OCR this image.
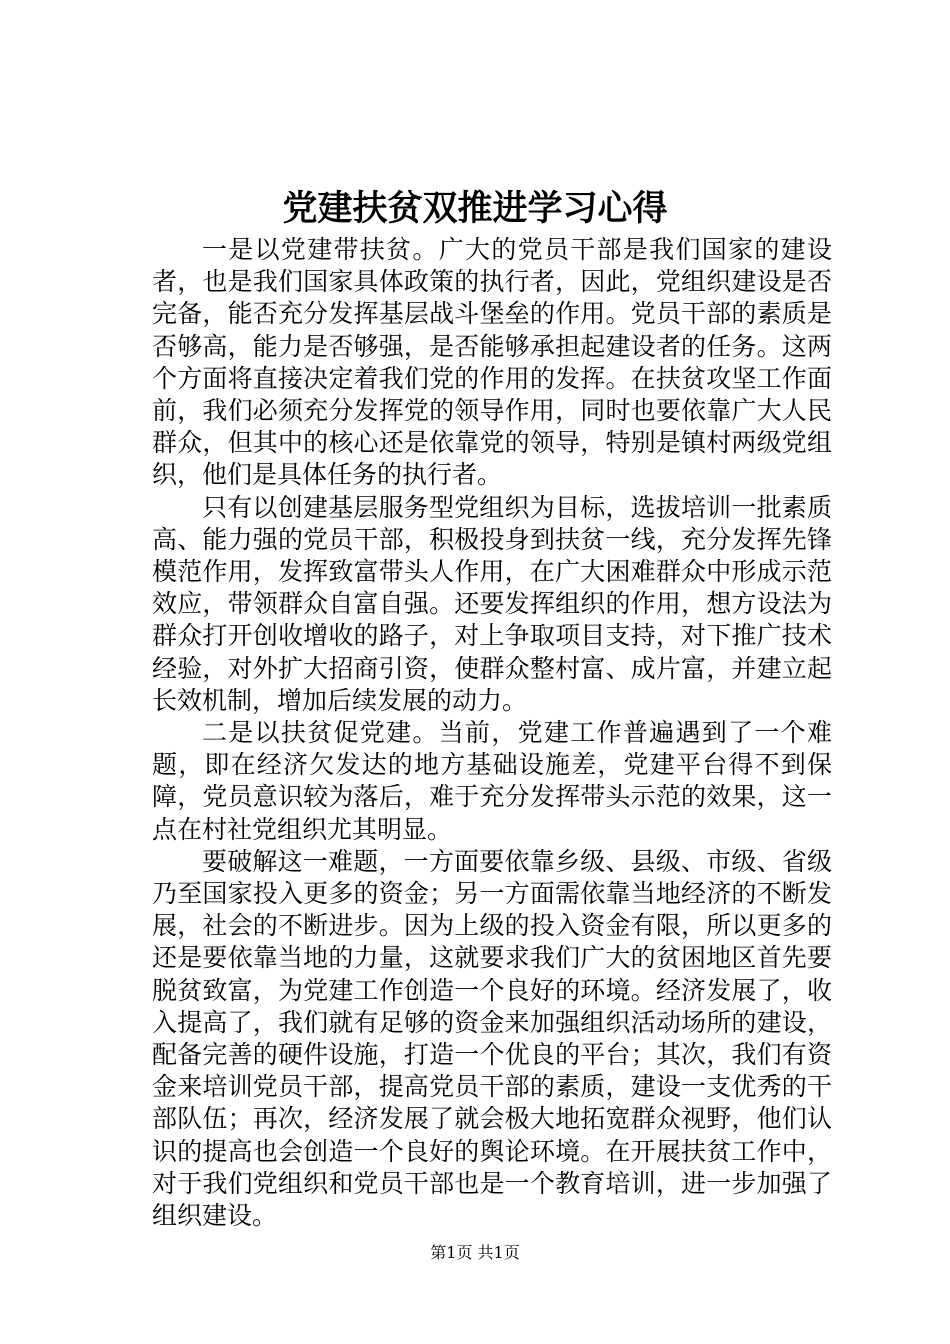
党建扶贫双推进学习心得

一是以党建带扶贫。广大的党员干部是我们国家的建设者，也是我们国家具体政策的执行者，因此，党组织建设是否完备，能否充分发挥基层战斗堡垒的作用。党员干部的素质是否够高，能力是否够强，是否能够承担起建设者的任务。这两个方面将直接决定着我们党的作用的发挥。在扶贫攻坚工作面前，我们必须充分发挥党的领导作用，同时也要依靠广大人民群众，但其中的核心还是依靠党的领导，特别是镇村两级党组织，他们是具体任务的执行者。

只有以创建基层服务型党组织为目标，选拔培训一批素质高、能力强的党员干部，积极投身到扶贫一线，充分发挥先锋模范作用，发挥致富带头人作用，在广大困难群众中形成示范效应，带领群众自富自强。还要发挥组织的作用，想方设法为群众打开创收增收的路子，对上争取项目支持，对下推广技术经验，对外扩大招商引资，使群众整村富、成片富，并建立起长效机制，增加后续发展的动力。

二是以扶贫促党建。当前，党建工作普遍遇到了一个难题，即在经济欠发达的地方基础设施差，党建平台得不到保障，党员意识较为落后，难于充分发挥带头示范的效果，这一点在村社党组织尤其明显。

要破解这一难题，一方面要依靠乡级、县级、市级、省级乃至国家投入更多的资金；另一方面需依靠当地经济的不断发展，社会的不断进步。因为上级的投入资金有限，所以更多的还是要依靠当地的力量，这就要求我们广大的贫困地区首先要脱贫致富，为党建工作创造一个良好的环境。经济发展了，收入提高了，我们就有足够的资金来加强组织活动场所的建设，配备完善的硬件设施，打造一个优良的平台；其次，我们有资金来培训党员干部，提高党员干部的素质，建设一支优秀的干部队伍；再次，经济发展了就会极大地拓宽群众视野，他们认识的提高也会创造一个良好的舆论环境。在开展扶贫工作中，对于我们党组织和党员干部也是一个教育培训，进一步加强了组织建设。

第1页 共1页
